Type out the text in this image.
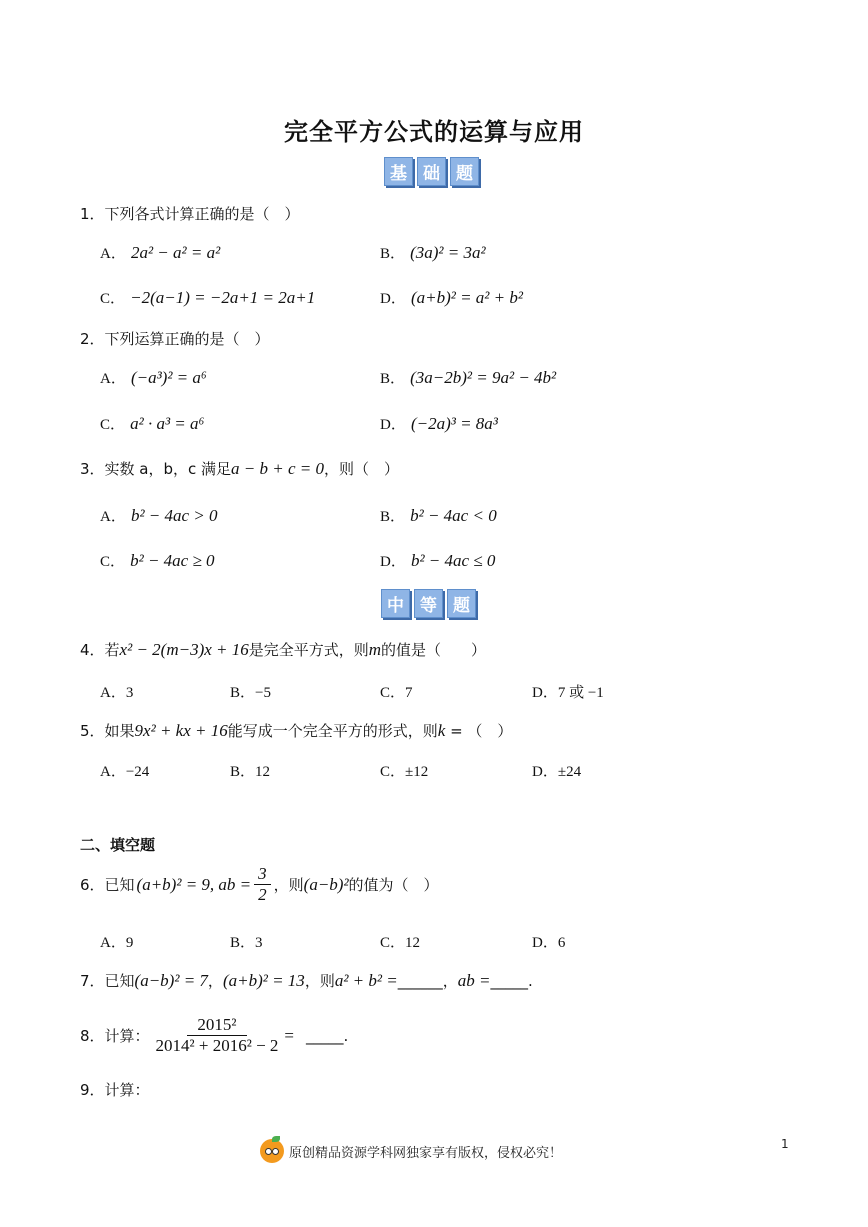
完全平方公式的运算与应用
基 础 题
1．下列各式计算正确的是（　）
A． 2a² − a² = a²	B． (3a)² = 3a²
C． −2(a−1) = −2a+1 = 2a+1	D． (a+b)² = a² + b²
2．下列运算正确的是（　）
A． (−a³)² = a⁶	B． (3a−2b)² = 9a² − 4b²
C． a² · a³ = a⁶	D． (−2a)³ = 8a³
3．实数 a，b，c 满足a − b + c = 0，则（　）
A． b² − 4ac > 0	B． b² − 4ac < 0
C． b² − 4ac ≥ 0	D． b² − 4ac ≤ 0
中 等 题
4．若x² − 2(m−3)x + 16是完全平方式，则m的值是（　　）
A．3	B．−5	C．7	D．7 或 −1
5．如果9x² + kx + 16能写成一个完全平方的形式，则k = （　）
A．−24	B．12	C．±12	D．±24
二、填空题
6．已知 (a+b)² = 9, ab = $\frac{3}{2}$ ，则 (a−b)² 的值为（　）
A．9	B．3	C．12	D．6
7．已知(a−b)² = 7，(a+b)² = 13，则a² + b² =______，ab =_____.
8．计算： $\frac{\text{2015²}}{\text{2014² + 2016² − 2}}$ = _____.
9．计算：
原创精品资源学科网独家享有版权，侵权必究！
1
